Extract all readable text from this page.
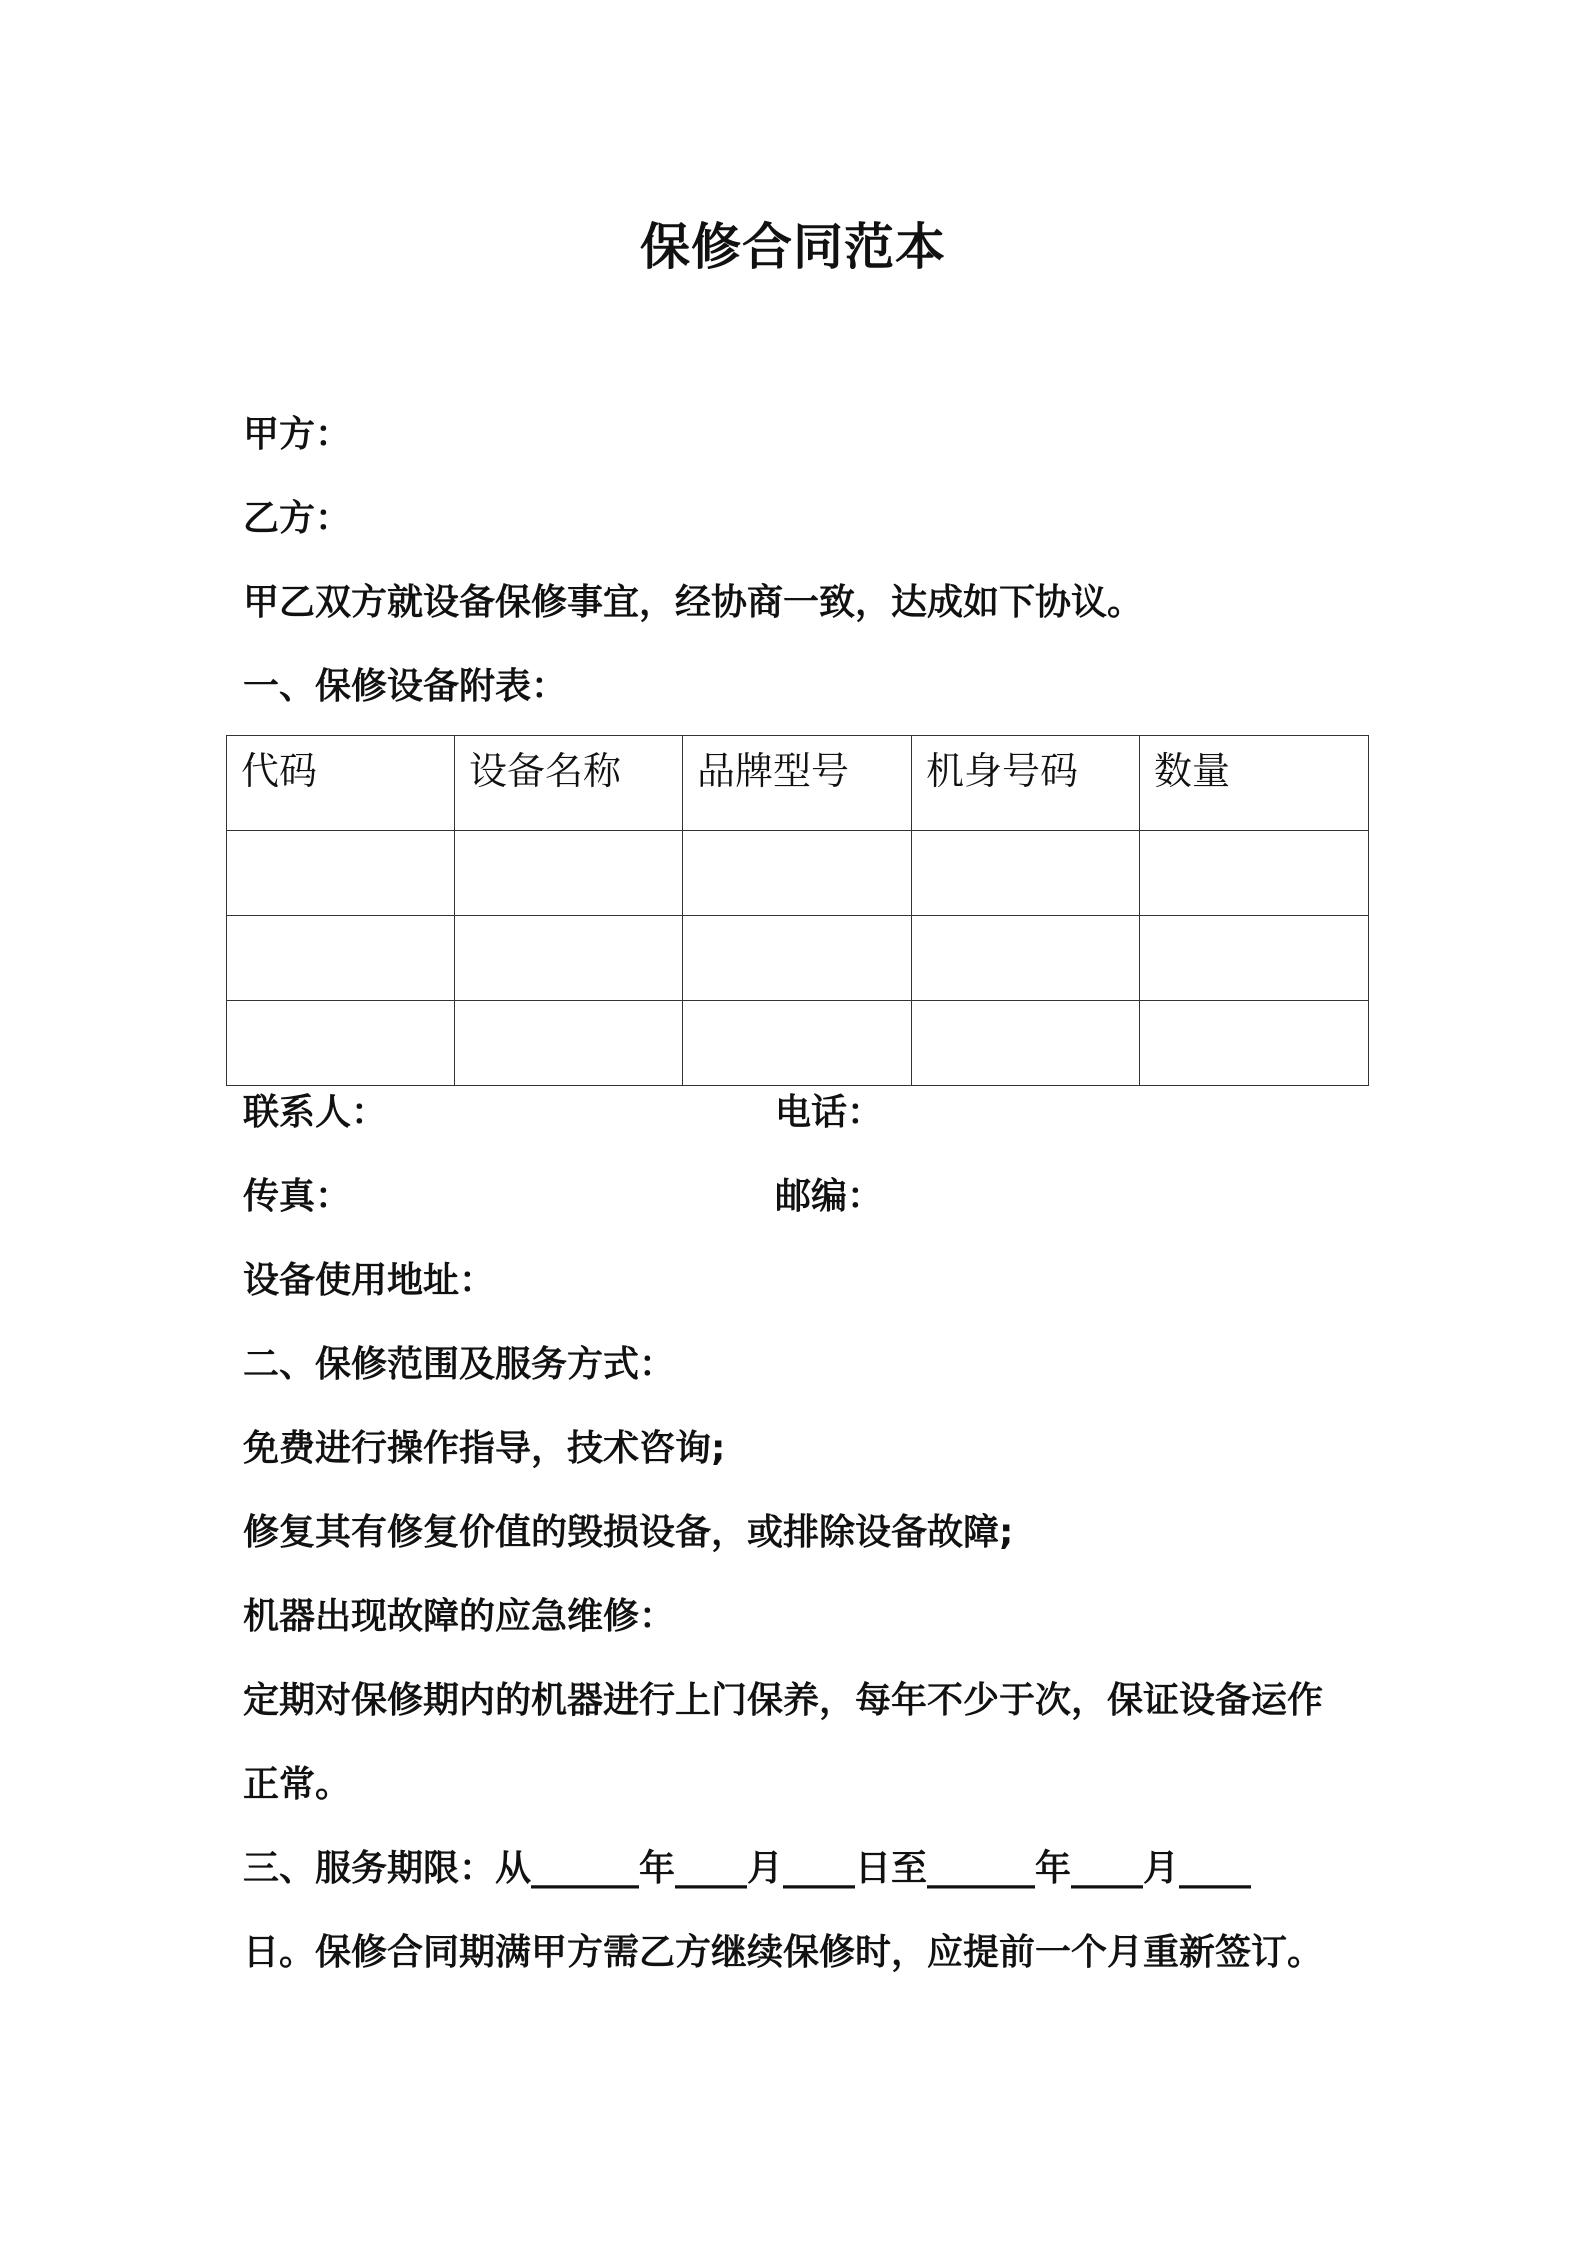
保修合同范本
甲方：
乙方：
甲乙双方就设备保修事宜，经协商一致，达成如下协议。
一、保修设备附表：
代码	设备名称	品牌型号	机身号码	数量

联系人：	电话：
传真：	邮编：
设备使用地址：
二、保修范围及服务方式：
免费进行操作指导，技术咨询;
修复其有修复价值的毁损设备，或排除设备故障;
机器出现故障的应急维修：
定期对保修期内的机器进行上门保养，每年不少于次，保证设备运作
正常。
三、服务期限：从______年____月____日至______年____月____
日。保修合同期满甲方需乙方继续保修时，应提前一个月重新签订。
